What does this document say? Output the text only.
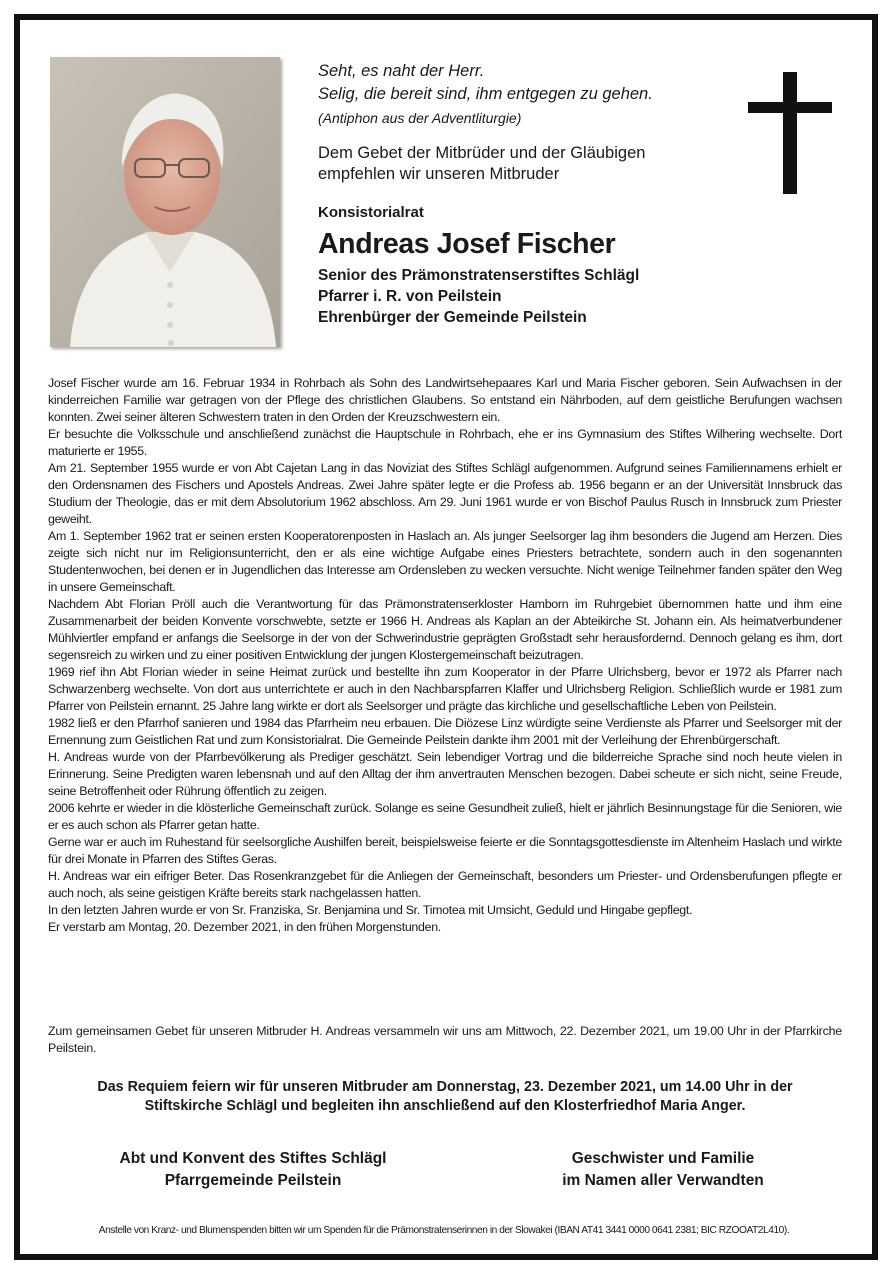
Seht, es naht der Herr.
Selig, die bereit sind, ihm entgegen zu gehen.
(Antiphon aus der Adventliturgie)
Dem Gebet der Mitbrüder und der Gläubigen
empfehlen wir unseren Mitbruder
Konsistorialrat
Andreas Josef Fischer
Senior des Prämonstratenserstiftes Schlägl
Pfarrer i. R. von Peilstein
Ehrenbürger der Gemeinde Peilstein

Josef Fischer wurde am 16. Februar 1934 in Rohrbach als Sohn des Landwirtsehepaares Karl und Maria Fischer geboren. Sein Aufwachsen in der kinderreichen Familie war getragen von der Pflege des christlichen Glaubens. So entstand ein Nährboden, auf dem geistliche Berufungen wachsen konnten. Zwei seiner älteren Schwestern traten in den Orden der Kreuzschwestern ein.

Er besuchte die Volksschule und anschließend zunächst die Hauptschule in Rohrbach, ehe er ins Gymnasium des Stiftes Wilhering wechselte. Dort maturierte er 1955.

Am 21. September 1955 wurde er von Abt Cajetan Lang in das Noviziat des Stiftes Schlägl aufgenommen. Aufgrund seines Familiennamens erhielt er den Ordensnamen des Fischers und Apostels Andreas. Zwei Jahre später legte er die Profess ab. 1956 begann er an der Universität Innsbruck das Studium der Theologie, das er mit dem Absolutorium 1962 abschloss. Am 29. Juni 1961 wurde er von Bischof Paulus Rusch in Innsbruck zum Priester geweiht.

Am 1. September 1962 trat er seinen ersten Kooperatorenposten in Haslach an. Als junger Seelsorger lag ihm besonders die Jugend am Herzen. Dies zeigte sich nicht nur im Religionsunterricht, den er als eine wichtige Aufgabe eines Priesters betrachtete, sondern auch in den sogenannten Studentenwochen, bei denen er in Jugendlichen das Interesse am Ordensleben zu wecken versuchte. Nicht wenige Teilnehmer fanden später den Weg in unsere Gemeinschaft.

Nachdem Abt Florian Pröll auch die Verantwortung für das Prämonstratenserkloster Hamborn im Ruhrgebiet übernommen hatte und ihm eine Zusammenarbeit der beiden Konvente vorschwebte, setzte er 1966 H. Andreas als Kaplan an der Abteikirche St. Johann ein. Als heimatverbundener Mühlviertler empfand er anfangs die Seelsorge in der von der Schwerindustrie geprägten Großstadt sehr herausfordernd. Dennoch gelang es ihm, dort segensreich zu wirken und zu einer positiven Entwicklung der jungen Klostergemeinschaft beizutragen.

1969 rief ihn Abt Florian wieder in seine Heimat zurück und bestellte ihn zum Kooperator in der Pfarre Ulrichsberg, bevor er 1972 als Pfarrer nach Schwarzenberg wechselte. Von dort aus unterrichtete er auch in den Nachbarspfarren Klaffer und Ulrichsberg Religion. Schließlich wurde er 1981 zum Pfarrer von Peilstein ernannt. 25 Jahre lang wirkte er dort als Seelsorger und prägte das kirchliche und gesellschaftliche Leben von Peilstein.

1982 ließ er den Pfarrhof sanieren und 1984 das Pfarrheim neu erbauen. Die Diözese Linz würdigte seine Verdienste als Pfarrer und Seelsorger mit der Ernennung zum Geistlichen Rat und zum Konsistorialrat. Die Gemeinde Peilstein dankte ihm 2001 mit der Verleihung der Ehrenbürgerschaft.

H. Andreas wurde von der Pfarrbevölkerung als Prediger geschätzt. Sein lebendiger Vortrag und die bilderreiche Sprache sind noch heute vielen in Erinnerung. Seine Predigten waren lebensnah und auf den Alltag der ihm anvertrauten Menschen bezogen. Dabei scheute er sich nicht, seine Freude, seine Betroffenheit oder Rührung öffentlich zu zeigen.

2006 kehrte er wieder in die klösterliche Gemeinschaft zurück. Solange es seine Gesundheit zuließ, hielt er jährlich Besinnungstage für die Senioren, wie er es auch schon als Pfarrer getan hatte.

Gerne war er auch im Ruhestand für seelsorgliche Aushilfen bereit, beispielsweise feierte er die Sonntagsgottesdienste im Altenheim Haslach und wirkte für drei Monate in Pfarren des Stiftes Geras.

H. Andreas war ein eifriger Beter. Das Rosenkranzgebet für die Anliegen der Gemeinschaft, besonders um Priester- und Ordensberufungen pflegte er auch noch, als seine geistigen Kräfte bereits stark nachgelassen hatten.

In den letzten Jahren wurde er von Sr. Franziska, Sr. Benjamina und Sr. Timotea mit Umsicht, Geduld und Hingabe gepflegt.

Er verstarb am Montag, 20. Dezember 2021, in den frühen Morgenstunden.

Zum gemeinsamen Gebet für unseren Mitbruder H. Andreas versammeln wir uns am Mittwoch, 22. Dezember 2021, um 19.00 Uhr in der Pfarrkirche Peilstein.
Das Requiem feiern wir für unseren Mitbruder am Donnerstag, 23. Dezember 2021, um 14.00 Uhr in der
Stiftskirche Schlägl und begleiten ihn anschließend auf den Klosterfriedhof Maria Anger.
Abt und Konvent des Stiftes Schlägl
Pfarrgemeinde Peilstein
Geschwister und Familie
im Namen aller Verwandten
Anstelle von Kranz- und Blumenspenden bitten wir um Spenden für die Prämonstratenserinnen in der Slowakei (IBAN AT41 3441 0000 0641 2381; BIC RZOOAT2L410).
